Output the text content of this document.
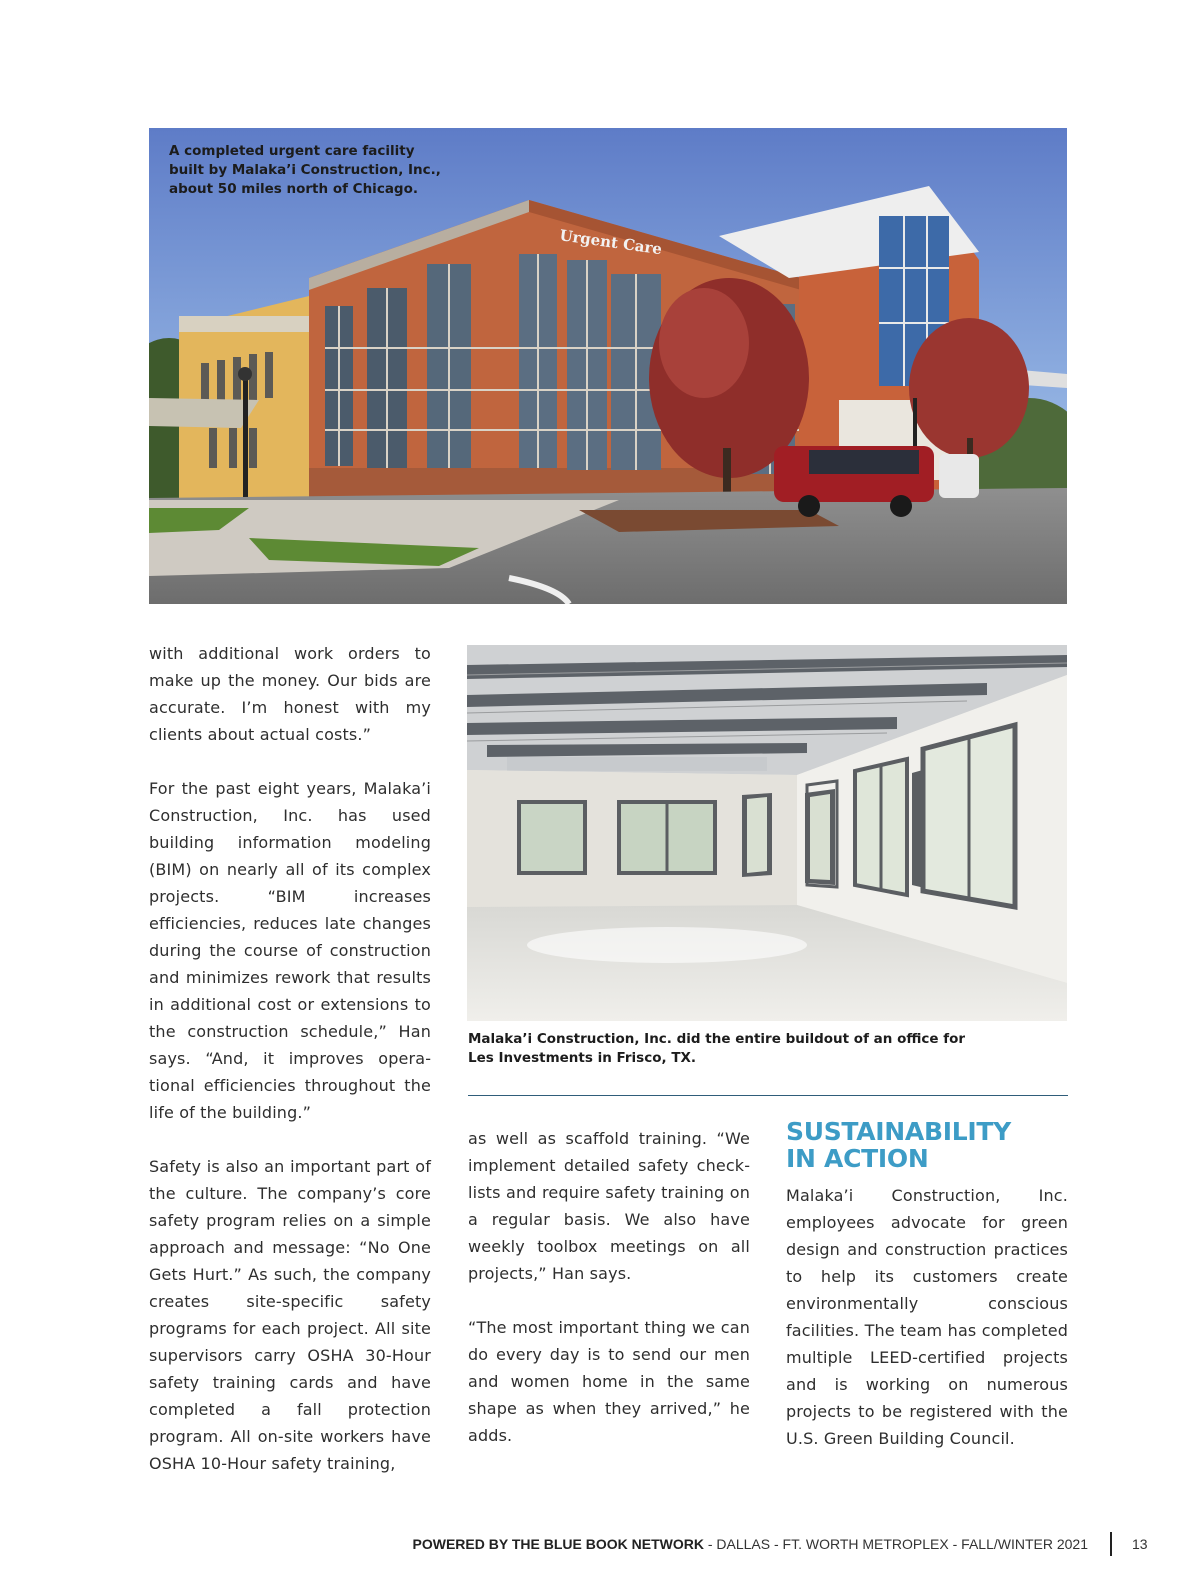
Urgent Care
A completed urgent care facility
built by Malaka’i Construction, Inc.,
about 50 miles north of Chicago.
Malaka’i Construction, Inc. did the entire buildout of an office for
Les Investments in Frisco, TX.

with additional work orders to make up the money. Our bids are accurate. I’m honest with my clients about actual costs.”

For the past eight years, Malaka’i Construction, Inc. has used building information modeling (BIM) on nearly all of its complex projects. “BIM increases efficiencies, reduces late changes during the course of construction and minimizes rework that results in additional cost or extensions to the construction schedule,” Han says. “And, it improves operational efficiencies throughout the life of the building.”

Safety is also an important part of the culture. The company’s core safety program relies on a simple approach and message: “No One Gets Hurt.” As such, the company creates site-specific safety programs for each project. All site supervisors carry OSHA 30-Hour safety training cards and have completed a fall protection program. All on-site workers have OSHA 10-Hour safety training,

as well as scaffold training. “We implement detailed safety checklists and require safety training on a regular basis. We also have weekly toolbox meetings on all projects,” Han says.

“The most important thing we can do every day is to send our men and women home in the same shape as when they arrived,” he adds.

SUSTAINABILITY
IN ACTION

Malaka’i Construction, Inc. employees advocate for green design and construction practices to help its customers create environmentally conscious facilities. The team has completed multiple LEED-certified projects and is working on numerous projects to be registered with the U.S. Green Building Council.

POWERED BY THE BLUE BOOK NETWORK - DALLAS - FT. WORTH METROPLEX - FALL/WINTER 2021	13
